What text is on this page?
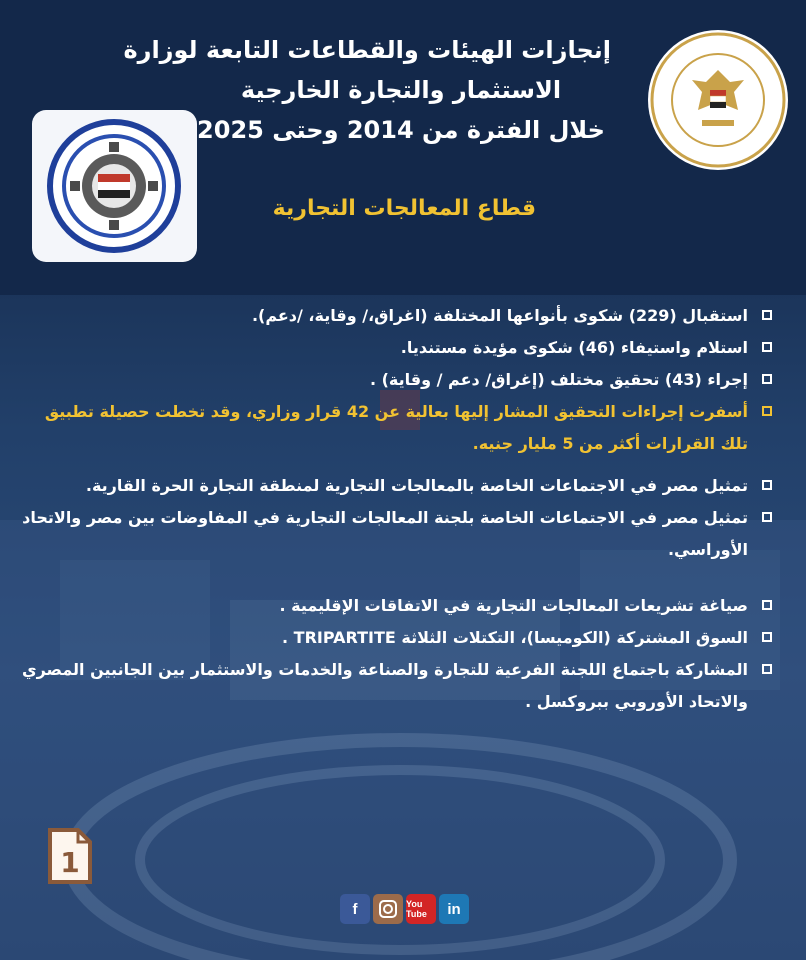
إنجازات الهيئات والقطاعات التابعة لوزارة
الاستثمار والتجارة الخارجية
خلال الفترة من 2014 وحتى 2025
قطاع المعالجات التجارية
استقبال (229) شكوى بأنواعها المختلفة (اغراق،/ وقاية، /دعم).
استلام واستيفاء (46) شكوى مؤيدة مستنديا.
إجراء (43) تحقيق مختلف (إغراق/ دعم / وقاية) .
أسفرت إجراءات التحقيق المشار إليها بعالية عن 42 قرار وزاري، وقد تخطت حصيلة تطبيق تلك القرارات أكثر من 5 مليار جنيه.
تمثيل مصر في الاجتماعات الخاصة بالمعالجات التجارية لمنطقة التجارة الحرة القارية.
تمثيل مصر في الاجتماعات الخاصة بلجنة المعالجات التجارية في المفاوضات بين مصر والاتحاد الأوراسي.
صياغة تشريعات المعالجات التجارية في الاتفاقات الإقليمية .
السوق المشتركة (الكوميسا)، التكتلات الثلاثة TRIPARTITE .
المشاركة باجتماع اللجنة الفرعية للتجارة والصناعة والخدمات والاستثمار بين الجانبين المصري والاتحاد الأوروبي ببروكسل .
1
f	You Tube	in
